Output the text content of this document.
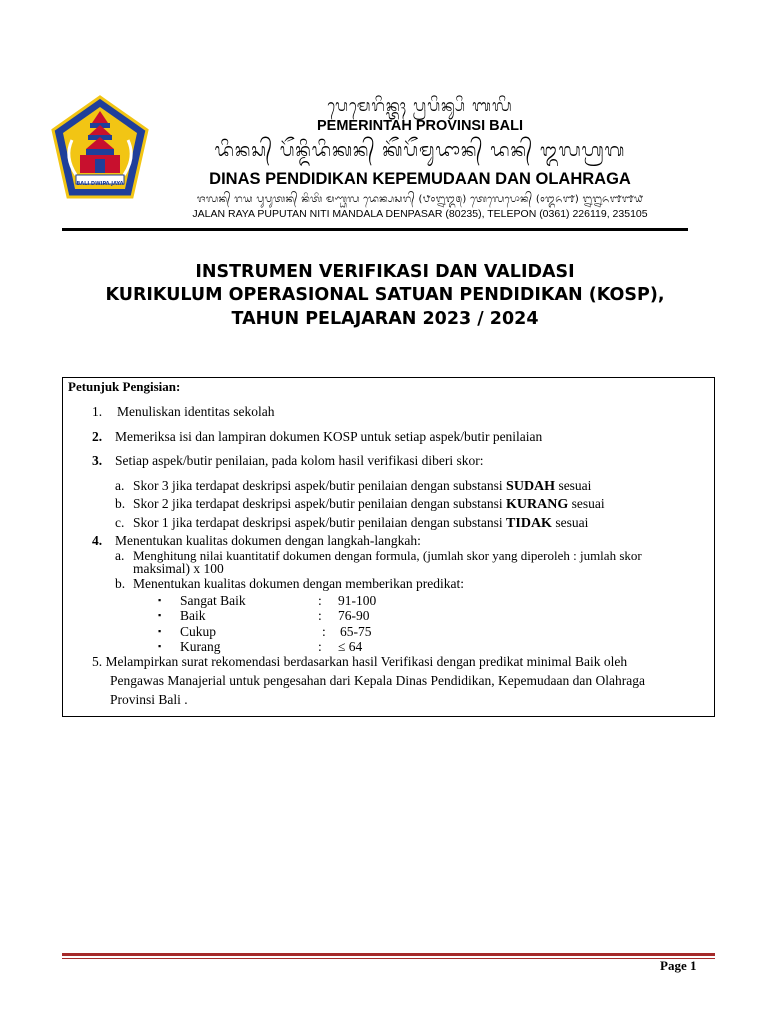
BALI DWIPA JAYA
ᬧᬾᬫᬾᬭᬶᬦ᭄ᬢᬄ ᬧ᭄ᬭᬧᬶᬦ᭄ᬲᬶ ᬩᬮᬶ
PEMERINTAH PROVINSI BALI
ᬤᬶᬦᬲ᭄ ᬧᭂᬦ᭄ᬤᬶᬤᬶᬓᬦ᭄ ᬓᭂᬧᭂᬫᬸᬤᬵᬦ᭄ ᬤᬦ᭄ ᬑᬮᬳ᭄ᬭᬕ
DINAS PENDIDIKAN KEPEMUDAAN DAN OLAHRAGA
ᬚᬮᬦ᭄ ᬭᬬ ᬧᬸᬧᬸᬢᬦ᭄ ᬦᬶᬢᬶ ᬫᬡ᭄ᬟᬮ ᬤᬾᬦ᭄ᬧᬲᬭ᭄ (᭘᭐᭒᭓᭕) ᬢᬾᬮᬾᬧᭀᬦ᭄ (᭐᭓᭖᭑) ᭒᭒᭖᭑᭑᭙
JALAN RAYA PUPUTAN NITI MANDALA DENPASAR (80235), TELEPON (0361) 226119, 235105
INSTRUMEN VERIFIKASI DAN VALIDASI
KURIKULUM OPERASIONAL SATUAN PENDIDIKAN (KOSP),
TAHUN PELAJARAN 2023 / 2024
Petunjuk Pengisian:
1. Menuliskan identitas sekolah
2. Memeriksa isi dan lampiran dokumen KOSP untuk setiap aspek/butir penilaian
3. Setiap aspek/butir penilaian, pada kolom hasil verifikasi diberi skor:
a. Skor 3 jika terdapat deskripsi aspek/butir penilaian dengan substansi SUDAH sesuai
b. Skor 2 jika terdapat deskripsi aspek/butir penilaian dengan substansi KURANG sesuai
c. Skor 1 jika terdapat deskripsi aspek/butir penilaian dengan substansi TIDAK sesuai
4. Menentukan kualitas dokumen dengan langkah-langkah:
a. Menghitung nilai kuantitatif dokumen dengan formula, (jumlah skor yang diperoleh : jumlah skor
maksimal) x 100
b. Menentukan kualitas dokumen dengan memberikan predikat:
▪ Sangat Baik	: 91-100
▪ Baik	: 76-90
▪ Cukup	: 65-75
▪ Kurang	: ≤ 64
5. Melampirkan surat rekomendasi berdasarkan hasil Verifikasi dengan predikat minimal Baik oleh
Pengawas Manajerial untuk pengesahan dari Kepala Dinas Pendidikan, Kepemudaan dan Olahraga
Provinsi Bali .
Page 1
